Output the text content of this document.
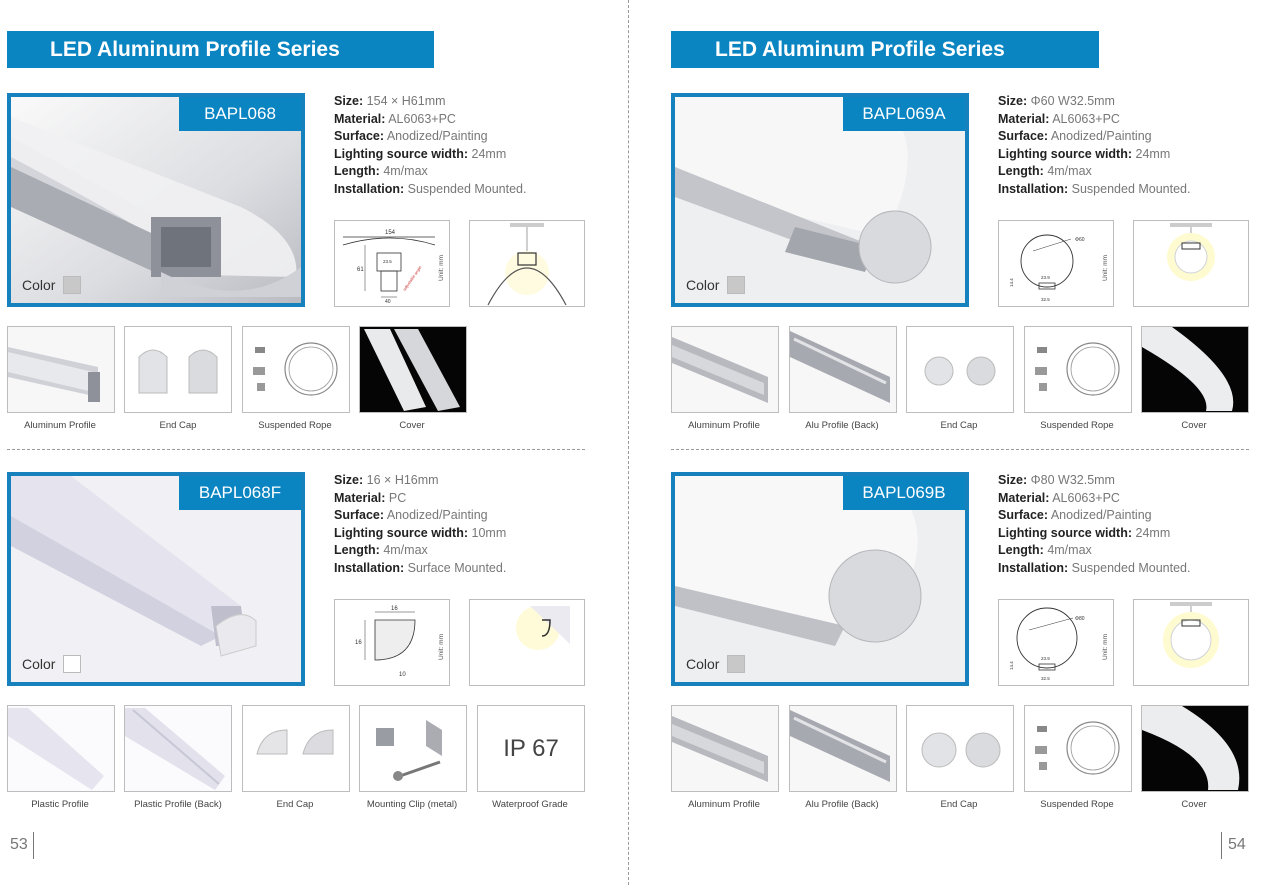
LED Aluminum Profile Series
BAPL068
Color
Size: 154 × H61mm
Material: AL6063+PC
Surface: Anodized/Painting
Lighting source width: 24mm
Length: 4m/max
Installation: Suspended Mounted.
154
61
23.5
40
adjustable angle Unit: mm
Aluminum Profile	End Cap	Suspended Rope	Cover
BAPL068F
Color
Size: 16 × H16mm
Material: PC
Surface: Anodized/Painting
Lighting source width: 10mm
Length: 4m/max
Installation: Surface Mounted.
16
16
10
Unit: mm
Plastic Profile	Plastic Profile (Back)	End Cap	Mounting Clip (metal)
IP 67
Waterproof Grade
53
LED Aluminum Profile Series
BAPL069A
Color
Size: Φ60 W32.5mm
Material: AL6063+PC
Surface: Anodized/Painting
Lighting source width: 24mm
Length: 4m/max
Installation: Suspended Mounted.
Φ60
23.9
32.5
14.4
Unit: mm
Aluminum Profile	Alu Profile (Back)	End Cap	Suspended Rope	Cover
BAPL069B
Color
Size: Φ80 W32.5mm
Material: AL6063+PC
Surface: Anodized/Painting
Lighting source width: 24mm
Length: 4m/max
Installation: Suspended Mounted.
Φ80
23.9
32.5
14.4
Unit: mm
Aluminum Profile	Alu Profile (Back)	End Cap	Suspended Rope	Cover
54
